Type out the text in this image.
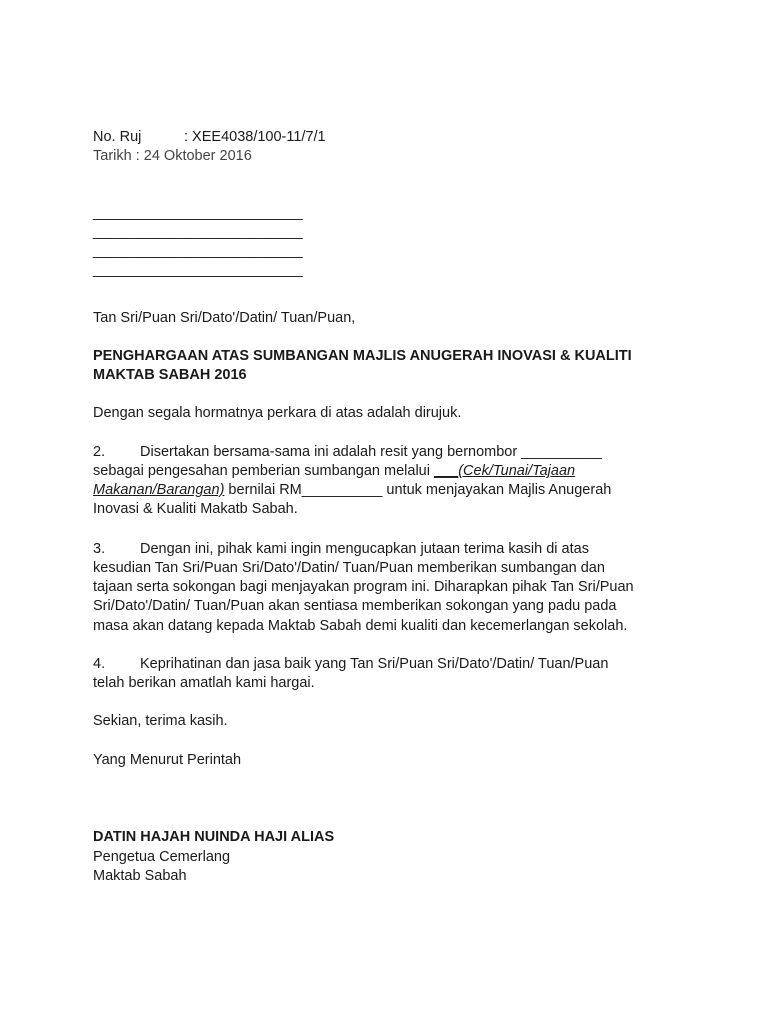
No. Ruj	: XEE4038/100-11/7/1
Tarikh : 24 Oktober 2016
__________________________
__________________________
__________________________
__________________________
Tan Sri/Puan Sri/Dato'/Datin/ Tuan/Puan,
PENGHARGAAN ATAS SUMBANGAN MAJLIS ANUGERAH INOVASI & KUALITI
MAKTAB SABAH 2016
Dengan segala hormatnya perkara di atas adalah dirujuk.
2. Disertakan bersama-sama ini adalah resit yang bernombor __________
sebagai pengesahan pemberian sumbangan melalui ___(Cek/Tunai/Tajaan
Makanan/Barangan) bernilai RM__________ untuk menjayakan Majlis Anugerah
Inovasi & Kualiti Makatb Sabah.
3. Dengan ini, pihak kami ingin mengucapkan jutaan terima kasih di atas
kesudian Tan Sri/Puan Sri/Dato'/Datin/ Tuan/Puan memberikan sumbangan dan
tajaan serta sokongan bagi menjayakan program ini. Diharapkan pihak Tan Sri/Puan
Sri/Dato'/Datin/ Tuan/Puan akan sentiasa memberikan sokongan yang padu pada
masa akan datang kepada Maktab Sabah demi kualiti dan kecemerlangan sekolah.
4. Keprihatinan dan jasa baik yang Tan Sri/Puan Sri/Dato'/Datin/ Tuan/Puan
telah berikan amatlah kami hargai.
Sekian, terima kasih.
Yang Menurut Perintah
DATIN HAJAH NUINDA HAJI ALIAS
Pengetua Cemerlang
Maktab Sabah
